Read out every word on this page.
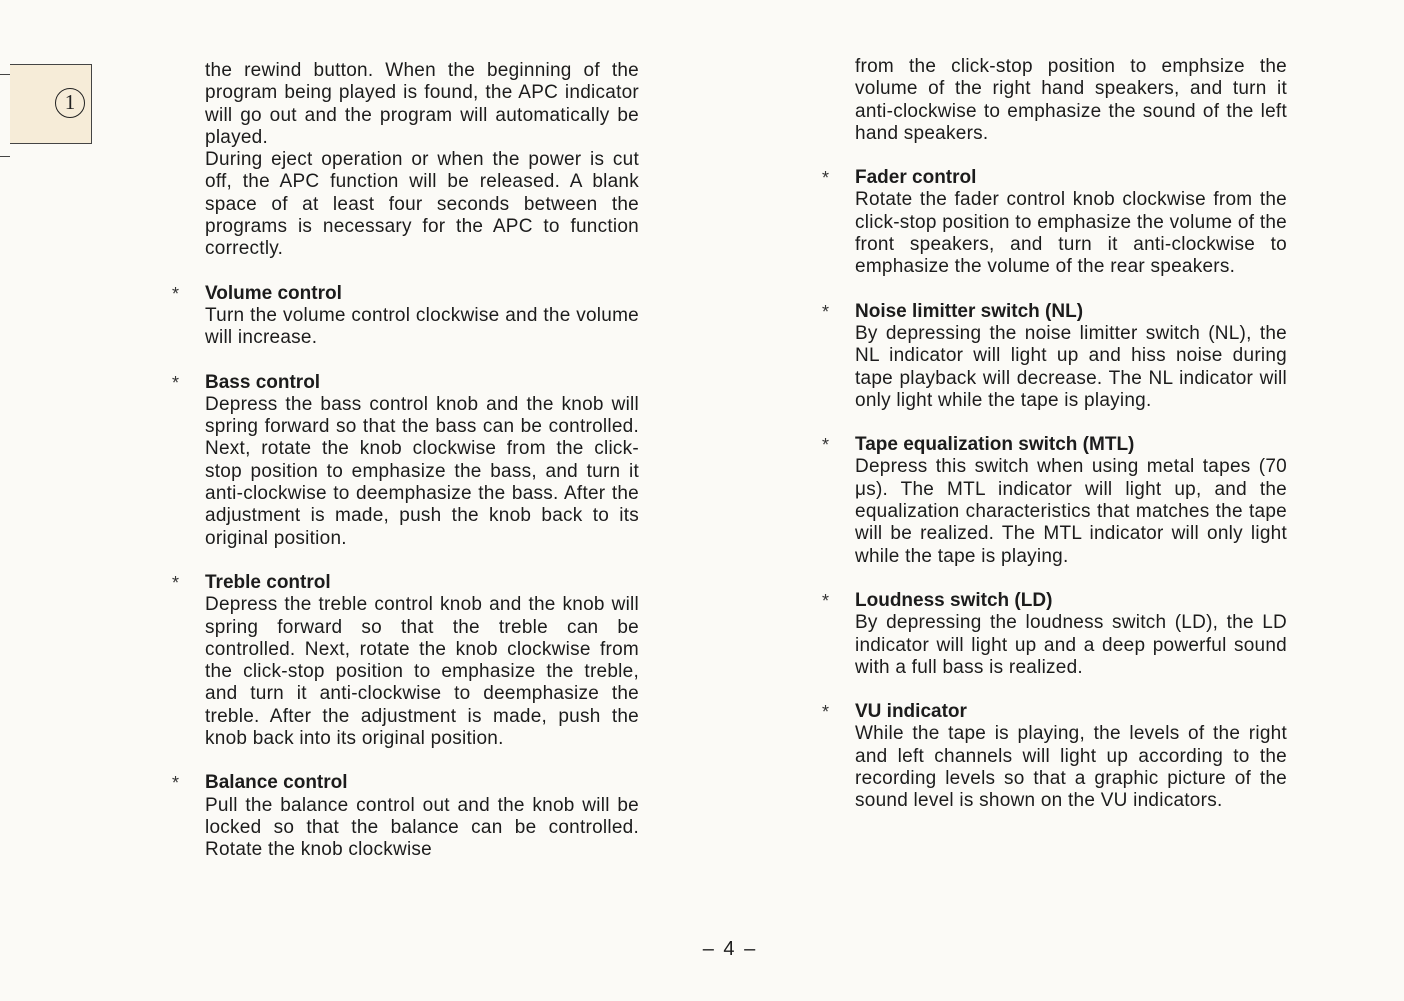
1

the rewind button. When the beginning of the program being played is found, the APC indicator will go out and the program will automatically be played.

During eject operation or when the power is cut off, the APC function will be released. A blank space of at least four seconds between the programs is necessary for the APC to function correctly.

* Volume control

Turn the volume control clockwise and the volume will increase.

* Bass control

Depress the bass control knob and the knob will spring forward so that the bass can be controlled. Next, rotate the knob clockwise from the click-stop position to emphasize the bass, and turn it anti-clockwise to deemphasize the bass. After the adjustment is made, push the knob back to its original position.

* Treble control

Depress the treble control knob and the knob will spring forward so that the treble can be controlled. Next, rotate the knob clockwise from the click-stop position to emphasize the treble, and turn it anti-clockwise to deemphasize the treble. After the adjustment is made, push the knob back into its original position.

* Balance control

Pull the balance control out and the knob will be locked so that the balance can be controlled. Rotate the knob clockwise

from the click-stop position to emphsize the volume of the right hand speakers, and turn it anti-clockwise to emphasize the sound of the left hand speakers.

* Fader control

Rotate the fader control knob clockwise from the click-stop position to emphasize the volume of the front speakers, and turn it anti-clockwise to emphasize the volume of the rear speakers.

* Noise limitter switch (NL)

By depressing the noise limitter switch (NL), the NL indicator will light up and hiss noise during tape playback will decrease. The NL indicator will only light while the tape is playing.

* Tape equalization switch (MTL)

Depress this switch when using metal tapes (70 μs). The MTL indicator will light up, and the equalization characteristics that matches the tape will be realized. The MTL indicator will only light while the tape is playing.

* Loudness switch (LD)

By depressing the loudness switch (LD), the LD indicator will light up and a deep powerful sound with a full bass is realized.

* VU indicator

While the tape is playing, the levels of the right and left channels will light up according to the recording levels so that a graphic picture of the sound level is shown on the VU indicators.

– 4 –
